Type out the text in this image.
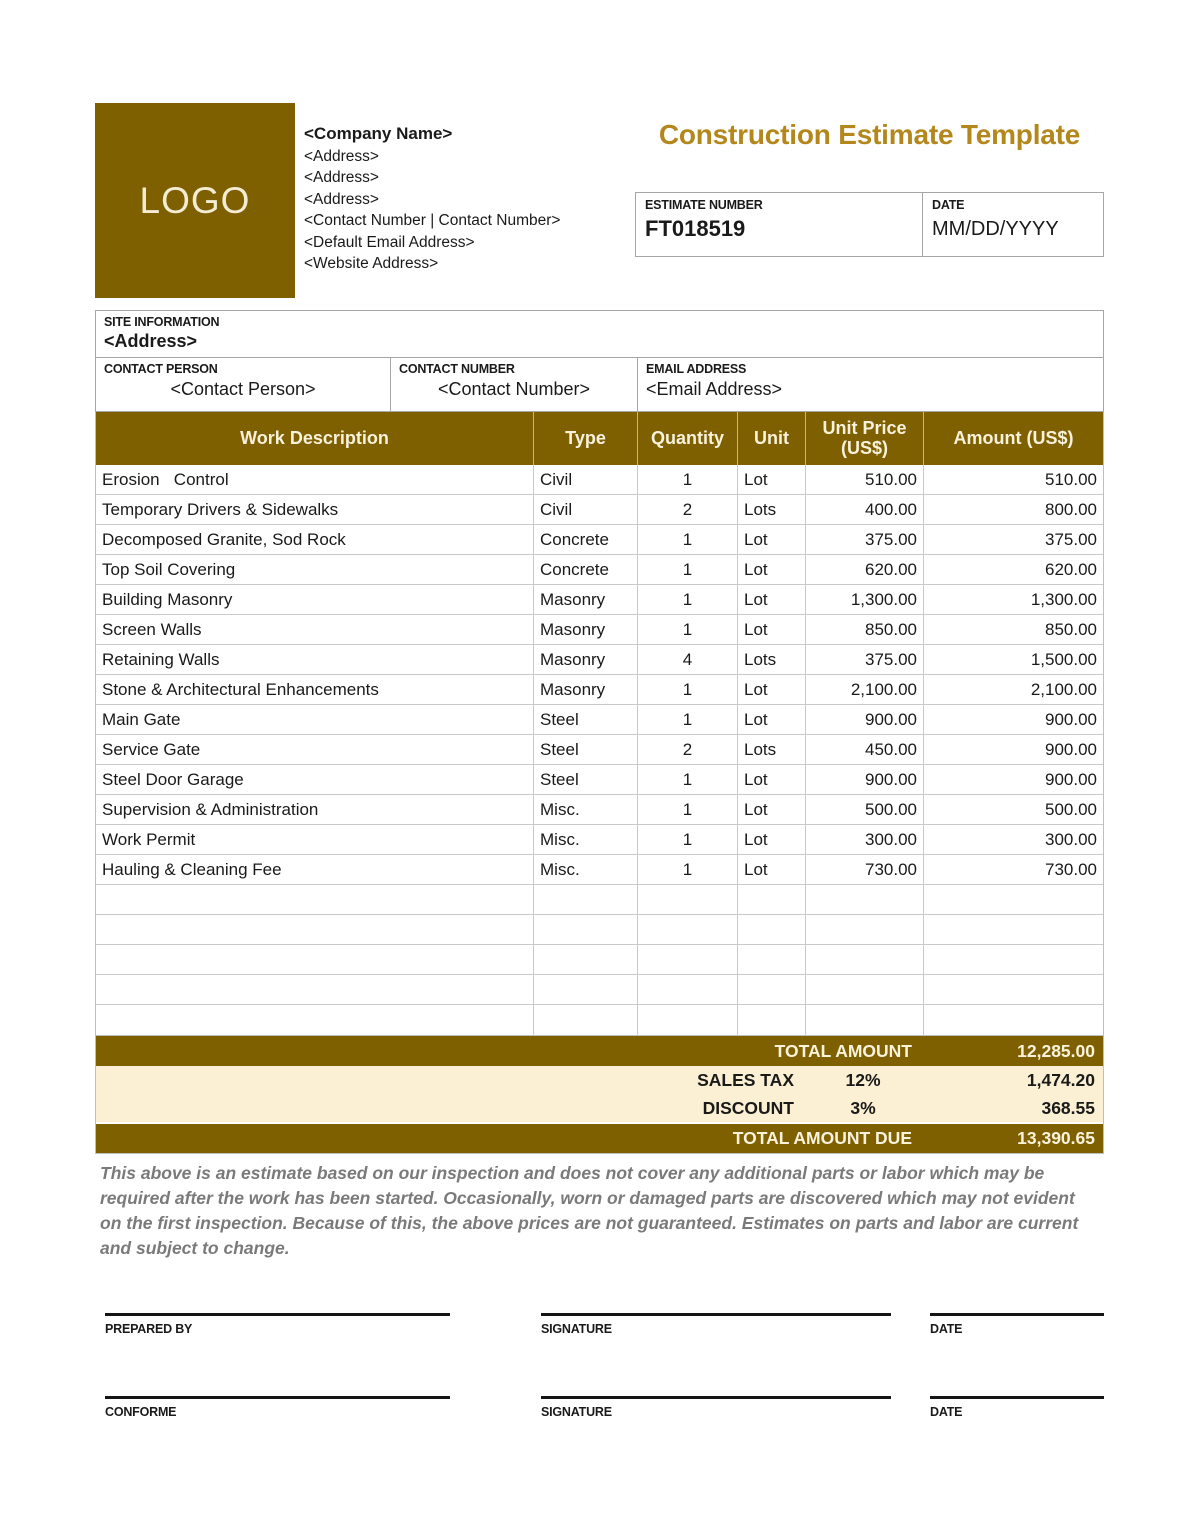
LOGO
<Company Name>
<Address>
<Address>
<Address>
<Contact Number | Contact Number>
<Default Email Address>
<Website Address>
Construction Estimate Template
ESTIMATE NUMBER
FT018519
DATE
MM/DD/YYYY
SITE INFORMATION
<Address>
CONTACT PERSON
<Contact Person>
CONTACT NUMBER
<Contact Number>
EMAIL ADDRESS
<Email Address>
Work Description	Type	Quantity	Unit	Unit Price (US$)	Amount (US$)
Erosion   Control	Civil	1	Lot	510.00	510.00
Temporary Drivers & Sidewalks	Civil	2	Lots	400.00	800.00
Decomposed Granite, Sod Rock	Concrete	1	Lot	375.00	375.00
Top Soil Covering	Concrete	1	Lot	620.00	620.00
Building Masonry	Masonry	1	Lot	1,300.00	1,300.00
Screen Walls	Masonry	1	Lot	850.00	850.00
Retaining Walls	Masonry	4	Lots	375.00	1,500.00
Stone & Architectural Enhancements	Masonry	1	Lot	2,100.00	2,100.00
Main Gate	Steel	1	Lot	900.00	900.00
Service Gate	Steel	2	Lots	450.00	900.00
Steel Door Garage	Steel	1	Lot	900.00	900.00
Supervision & Administration	Misc.	1	Lot	500.00	500.00
Work Permit	Misc.	1	Lot	300.00	300.00
Hauling & Cleaning Fee	Misc.	1	Lot	730.00	730.00
TOTAL AMOUNT	12,285.00
SALES TAX	12%	1,474.20
DISCOUNT	3%	368.55
TOTAL AMOUNT DUE	13,390.65
This above is an estimate based on our inspection and does not cover any additional parts or labor which may be required after the work has been started. Occasionally, worn or damaged parts are discovered which may not evident on the first inspection. Because of this, the above prices are not guaranteed. Estimates on parts and labor are current and subject to change.
PREPARED BY	SIGNATURE	DATE
CONFORME	SIGNATURE	DATE
